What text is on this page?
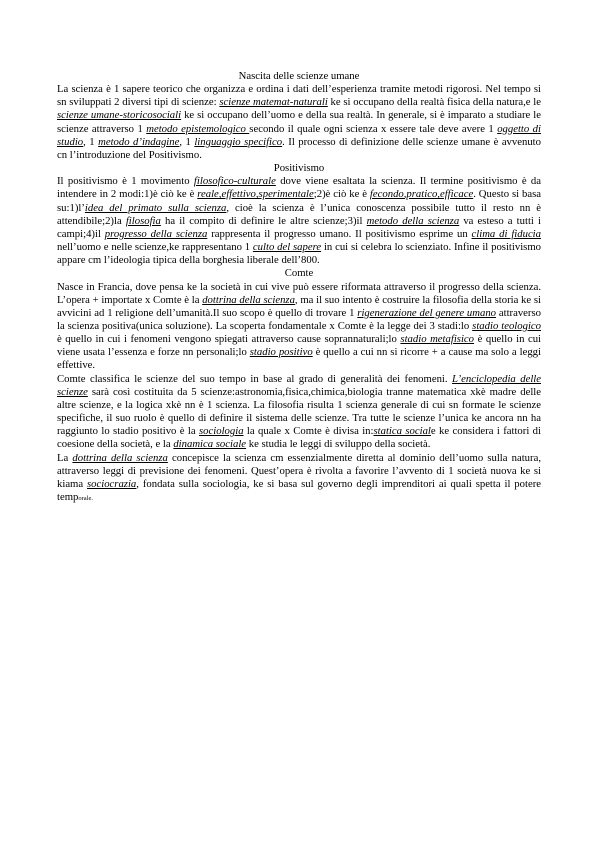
Nascita delle scienze umane

La scienza è 1 sapere teorico che organizza e ordina i dati dell’esperienza tramite metodi rigorosi. Nel tempo si sn sviluppati 2 diversi tipi di scienze: scienze matemat-naturali ke si occupano della realtà fisica della natura,e le scienze umane-storicosociali ke si occupano dell’uomo e della sua realtà. In generale, si è imparato a studiare le scienze attraverso 1 metodo epistemologico secondo il quale ogni scienza x essere tale deve avere 1 oggetto di studio, 1 metodo d’indagine, 1 linguaggio specifico. Il processo di definizione delle scienze umane è avvenuto cn l’introduzione del Positivismo.

Positivismo

Il positivismo è 1 movimento filosofico-culturale dove viene esaltata la scienza. Il termine positivismo è da intendere in 2 modi:1)è ciò ke è reale,effettivo,sperimentale;2)è ciò ke è fecondo,pratico,efficace. Questo si basa su:1)l’idea del primato sulla scienza, cioè la scienza è l’unica conoscenza possibile tutto il resto nn è attendibile;2)la filosofia ha il compito di definire le altre scienze;3)il metodo della scienza va esteso a tutti i campi;4)il progresso della scienza rappresenta il progresso umano. Il positivismo esprime un clima di fiducia nell’uomo e nelle scienze,ke rappresentano 1 culto del sapere in cui si celebra lo scienziato. Infine il positivismo appare cm l’ideologia tipica della borghesia liberale dell’800.

Comte

Nasce in Francia, dove pensa ke la società in cui vive può essere riformata attraverso il progresso della scienza. L’opera + importate x Comte è la dottrina della scienza, ma il suo intento è costruire la filosofia della storia ke si avvicini ad 1 religione dell’umanità.Il suo scopo è quello di trovare 1 rigenerazione del genere umano attraverso la scienza positiva(unica soluzione). La scoperta fondamentale x Comte è la legge dei 3 stadi:lo stadio teologico è quello in cui i fenomeni vengono spiegati attraverso cause soprannaturali;lo stadio metafisico è quello in cui viene usata l’essenza e forze nn personali;lo stadio positivo è quello a cui nn si ricorre + a cause ma solo a leggi effettive.

Comte classifica le scienze del suo tempo in base al grado di generalità dei fenomeni. L’enciclopedia delle scienze sarà così costituita da 5 scienze:astronomia,fisica,chimica,biologia tranne matematica xkè madre delle altre scienze, e la logica xkè nn è 1 scienza. La filosofia risulta 1 scienza generale di cui sn formate le scienze specifiche, il suo ruolo è quello di definire il sistema delle scienze. Tra tutte le scienze l’unica ke ancora nn ha raggiunto lo stadio positivo è la sociologia la quale x Comte è divisa in:statica sociale ke considera i fattori di coesione della società, e la dinamica sociale ke studia le leggi di sviluppo della società.

La dottrina della scienza concepisce la scienza cm essenzialmente diretta al dominio dell’uomo sulla natura, attraverso leggi di previsione dei fenomeni. Quest’opera è rivolta a favorire l’avvento di 1 società nuova ke si kiama sociocrazia, fondata sulla sociologia, ke si basa sul governo degli imprenditori ai quali spetta il potere temporale.
